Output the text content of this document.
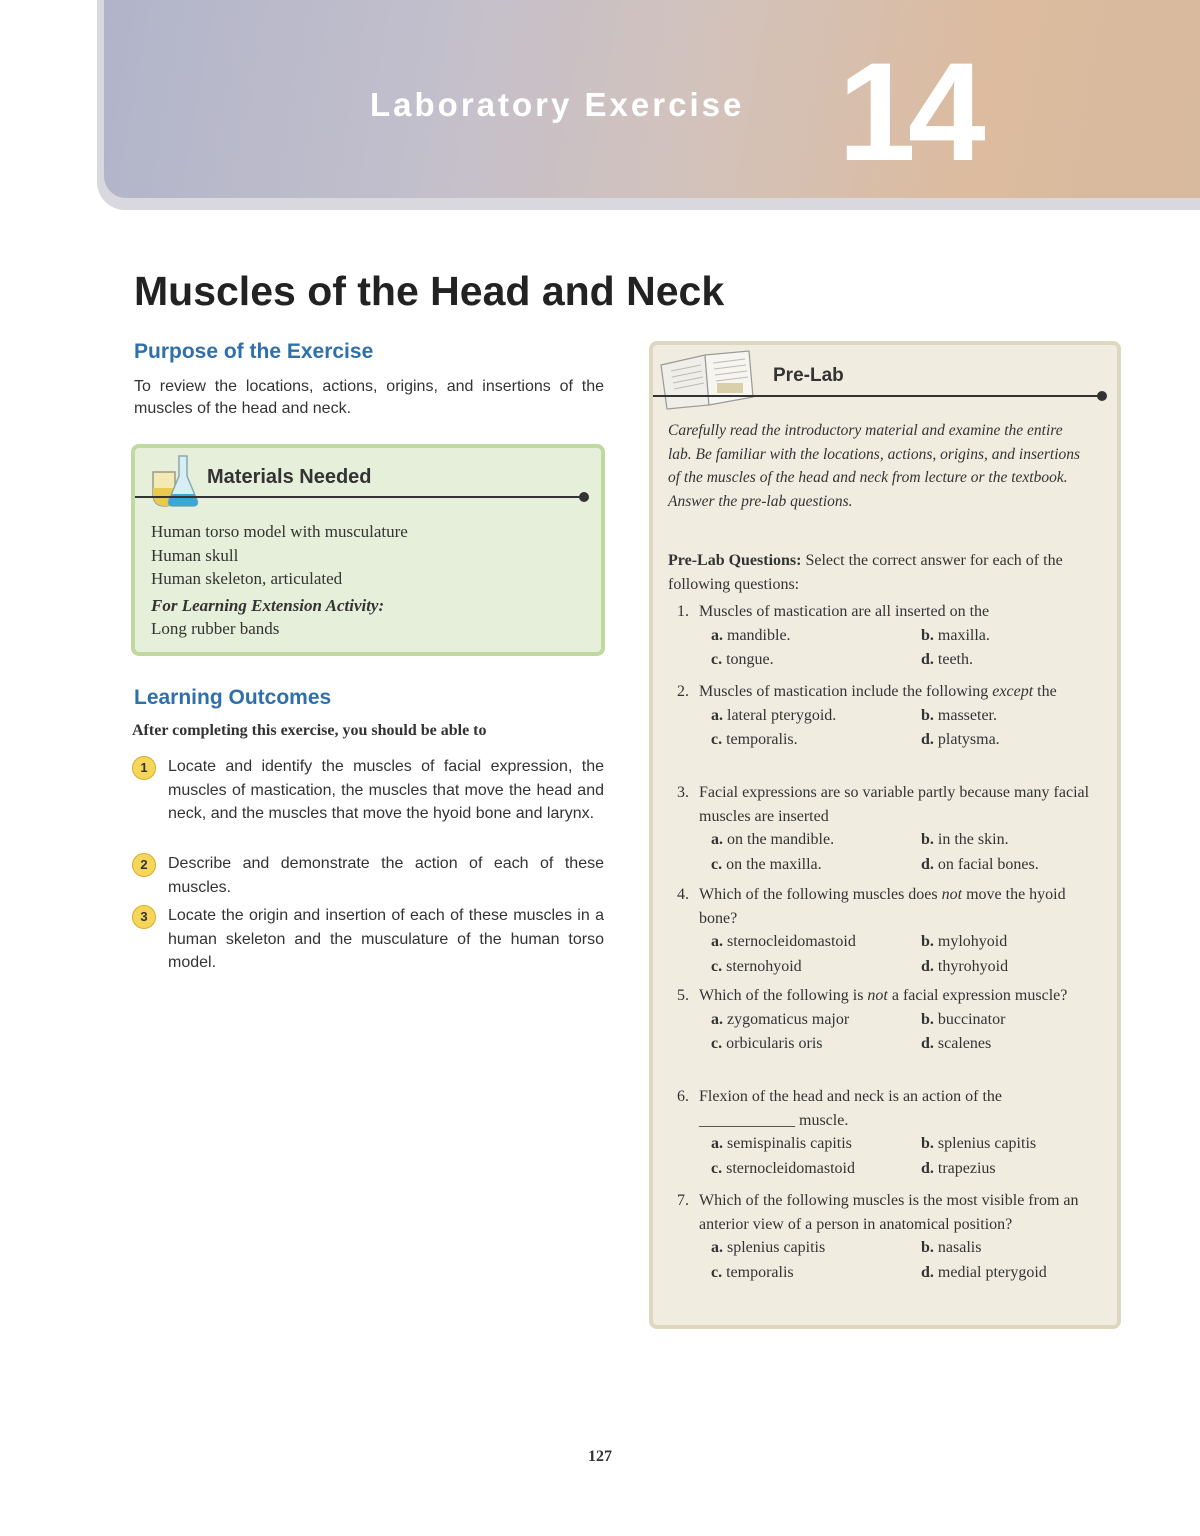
Laboratory Exercise 14
Muscles of the Head and Neck
Purpose of the Exercise
To review the locations, actions, origins, and insertions of the muscles of the head and neck.
Materials Needed
Human torso model with musculature
Human skull
Human skeleton, articulated
For Learning Extension Activity:
Long rubber bands
Learning Outcomes
After completing this exercise, you should be able to
1	Locate and identify the muscles of facial expression, the muscles of mastication, the muscles that move the head and neck, and the muscles that move the hyoid bone and larynx.
2	Describe and demonstrate the action of each of these muscles.
3	Locate the origin and insertion of each of these muscles in a human skeleton and the musculature of the human torso model.
Pre-Lab
Carefully read the introductory material and examine the entire lab. Be familiar with the locations, actions, origins, and insertions of the muscles of the head and neck from lecture or the textbook. Answer the pre-lab questions.
Pre-Lab Questions: Select the correct answer for each of the following questions:
1. Muscles of mastication are all inserted on the
a. mandible.	b. maxilla.
c. tongue.	d. teeth.
2. Muscles of mastication include the following except the
a. lateral pterygoid.	b. masseter.
c. temporalis.	d. platysma.
3. Facial expressions are so variable partly because many facial muscles are inserted
a. on the mandible.	b. in the skin.
c. on the maxilla.	d. on facial bones.
4. Which of the following muscles does not move the hyoid bone?
a. sternocleidomastoid	b. mylohyoid
c. sternohyoid	d. thyrohyoid
5. Which of the following is not a facial expression muscle?
a. zygomaticus major	b. buccinator
c. orbicularis oris	d. scalenes
6. Flexion of the head and neck is an action of the ____________ muscle.
a. semispinalis capitis	b. splenius capitis
c. sternocleidomastoid	d. trapezius
7. Which of the following muscles is the most visible from an anterior view of a person in anatomical position?
a. splenius capitis	b. nasalis
c. temporalis	d. medial pterygoid
127
